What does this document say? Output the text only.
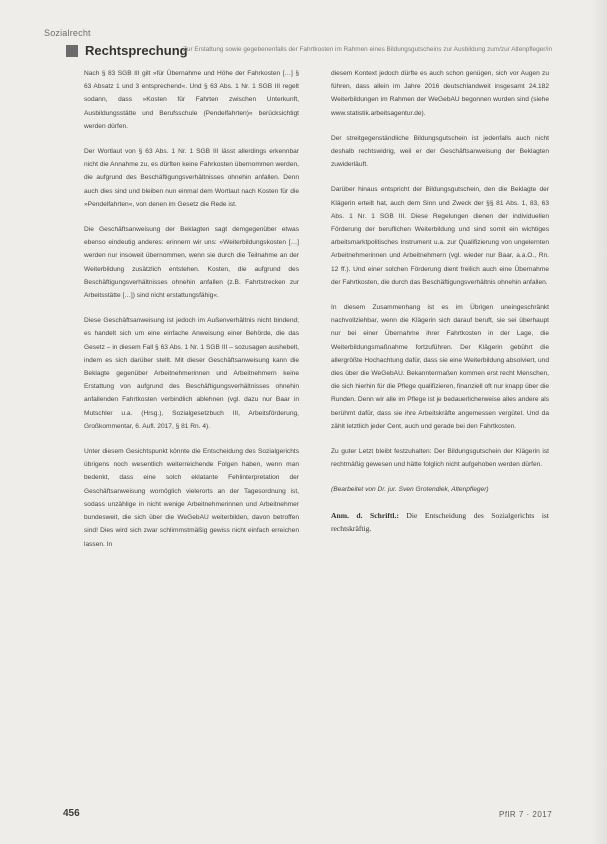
Sozialrecht
Rechtsprechung
Zur Erstattung sowie gegebenenfalls der Fahrtkosten im Rahmen eines Bildungsgutscheins zur Ausbildung zum/zur Altenpfleger/in

Nach § 83 SGB III gilt »für Übernahme und Höhe der Fahrkosten […] § 63 Absatz 1 und 3 entsprechend«. Und § 63 Abs. 1 Nr. 1 SGB III regelt sodann, dass »Kosten für Fahrten zwischen Unterkunft, Ausbildungsstätte und Berufsschule (Pendelfahrten)« berücksichtigt werden dürfen.

Der Wortlaut von § 63 Abs. 1 Nr. 1 SGB III lässt allerdings erkennbar nicht die Annahme zu, es dürften keine Fahrkosten übernommen werden, die aufgrund des Beschäftigungsverhältnisses ohnehin anfallen. Denn auch dies sind und bleiben nun einmal dem Wortlaut nach Kosten für die »Pendelfahrten«, von denen im Gesetz die Rede ist.

Die Geschäftsanweisung der Beklagten sagt demgegenüber etwas ebenso eindeutig anderes: erinnern wir uns: »Weiterbildungskosten […] werden nur insoweit übernommen, wenn sie durch die Teilnahme an der Weiterbildung zusätzlich entstehen. Kosten, die aufgrund des Beschäftigungsverhältnisses ohnehin anfallen (z.B. Fahrtstrecken zur Arbeitsstätte […]) sind nicht erstattungsfähig«.

Diese Geschäftsanweisung ist jedoch im Außenverhältnis nicht bindend; es handelt sich um eine einfache Anweisung einer Behörde, die das Gesetz – in diesem Fall § 63 Abs. 1 Nr. 1 SGB III – sozusagen aushebelt, indem es sich darüber stellt. Mit dieser Geschäftsanweisung kann die Beklagte gegenüber Arbeitnehmerinnen und Arbeitnehmern keine Erstattung von aufgrund des Beschäftigungsverhältnisses ohnehin anfallenden Fahrtkosten verbindlich ablehnen (vgl. dazu nur Baar in Mutschler u.a. (Hrsg.), Sozialgesetzbuch III, Arbeitsförderung, Großkommentar, 6. Aufl. 2017, § 81 Rn. 4).

Unter diesem Gesichtspunkt könnte die Entscheidung des Sozialgerichts übrigens noch wesentlich weiterreichende Folgen haben, wenn man bedenkt, dass eine solch eklatante Fehlinterpretation der Geschäftsanweisung womöglich vielerorts an der Tagesordnung ist, sodass unzählige in nicht wenige Arbeitnehmerinnen und Arbeitnehmer bundesweit, die sich über die WeGebAU weiterbilden, davon betroffen sind! Dies wird sich zwar schlimmstmäßig gewiss nicht einfach erreichen lassen. In

diesem Kontext jedoch dürfte es auch schon genügen, sich vor Augen zu führen, dass allein im Jahre 2016 deutschlandweit insgesamt 24.182 Weiterbildungen im Rahmen der WeGebAU begonnen wurden sind (siehe www.statistik.arbeitsagentur.de).

Der streitgegenständliche Bildungsgutschein ist jedenfalls auch nicht deshalb rechtswidrig, weil er der Geschäftsanweisung der Beklagten zuwiderläuft.

Darüber hinaus entspricht der Bildungsgutschein, den die Beklagte der Klägerin erteilt hat, auch dem Sinn und Zweck der §§ 81 Abs. 1, 83, 63 Abs. 1 Nr. 1 SGB III. Diese Regelungen dienen der individuellen Förderung der beruflichen Weiterbildung und sind somit ein wichtiges arbeitsmarktpolitisches Instrument u.a. zur Qualifizierung von ungelernten Arbeitnehmerinnen und Arbeitnehmern (vgl. wieder nur Baar, a.a.O., Rn. 12 ff.). Und einer solchen Förderung dient freilich auch eine Übernahme der Fahrtkosten, die durch das Beschäftigungsverhältnis ohnehin anfallen.

In diesem Zusammenhang ist es im Übrigen uneingeschränkt nachvollziehbar, wenn die Klägerin sich darauf beruft, sie sei überhaupt nur bei einer Übernahme ihrer Fahrtkosten in der Lage, die Weiterbildungsmaßnahme fortzuführen. Der Klägerin gebührt die allergrößte Hochachtung dafür, dass sie eine Weiterbildung absolviert, und dies über die WeGebAU. Bekanntermaßen kommen erst recht Menschen, die sich hierhin für die Pflege qualifizieren, finanziell oft nur knapp über die Runden. Denn wir alle im Pflege ist je bedauerlicherweise alles andere als berühmt dafür, dass sie ihre Arbeitskräfte angemessen vergütet. Und da zählt letztlich jeder Cent, auch und gerade bei den Fahrtkosten.

Zu guter Letzt bleibt festzuhalten: Der Bildungsgutschein der Klägerin ist rechtmäßig gewesen und hätte folglich nicht aufgehoben werden dürfen.

(Bearbeitet von Dr. jur. Sven Grotendiek, Altenpfleger)

Anm. d. Schriftl.: Die Entscheidung des Sozialgerichts ist rechtskräftig.

456	PflR 7 · 2017
